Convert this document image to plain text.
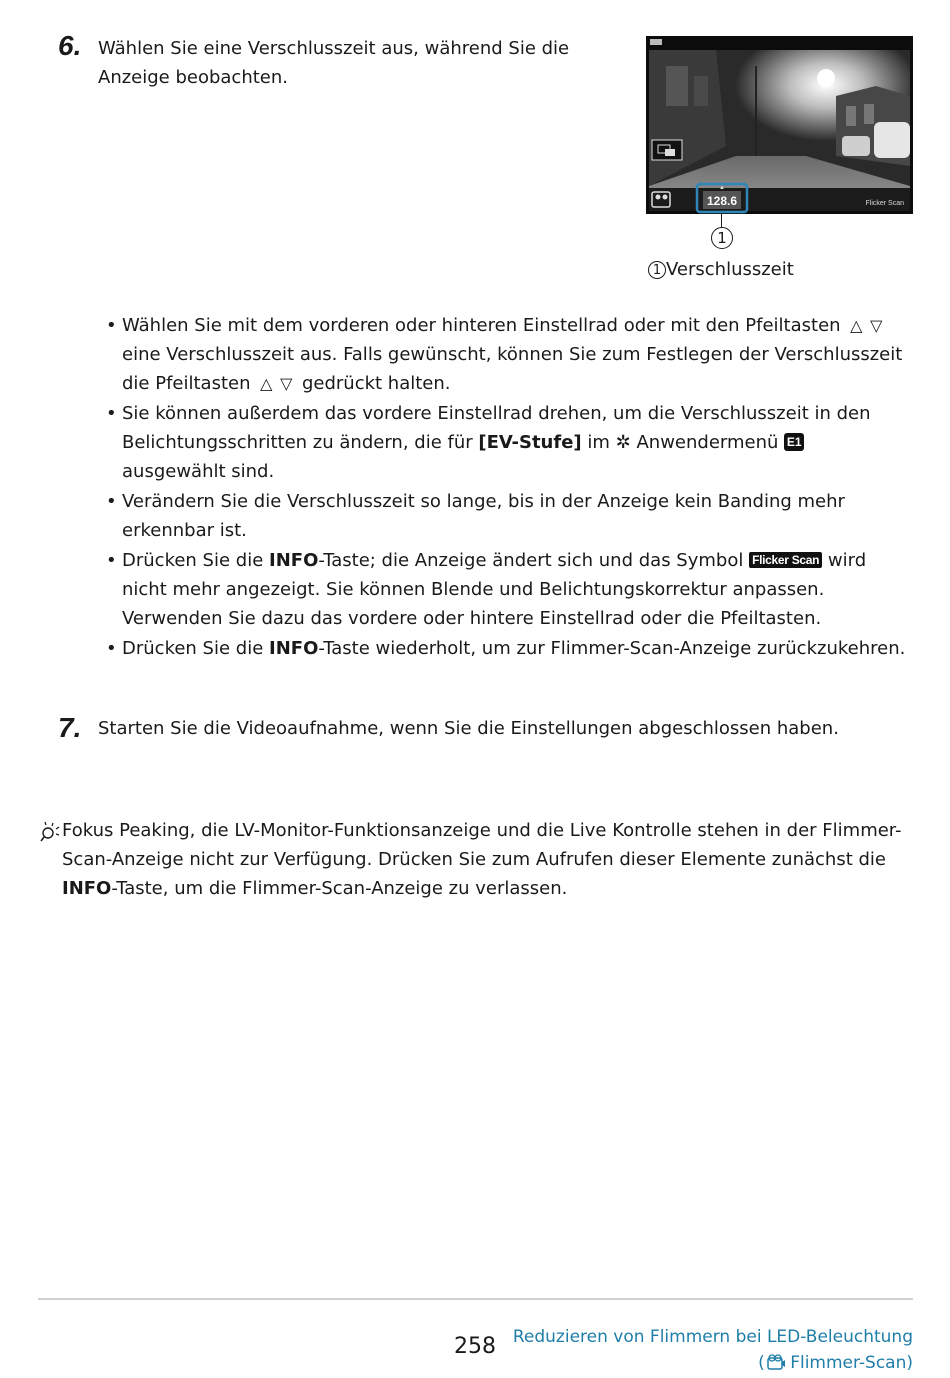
6. Wählen Sie eine Verschlusszeit aus, während Sie die Anzeige beobachten.
▲
128.6	Flicker Scan
1
1 Verschlusszeit
• Wählen Sie mit dem vorderen oder hinteren Einstellrad oder mit den Pfeiltasten △ ▽ eine Verschlusszeit aus. Falls gewünscht, können Sie zum Festlegen der Verschlusszeit die Pfeiltasten △ ▽ gedrückt halten.
• Sie können außerdem das vordere Einstellrad drehen, um die Verschlusszeit in den Belichtungsschritten zu ändern, die für [EV-Stufe] im ✲ Anwendermenü E1 ausgewählt sind.
• Verändern Sie die Verschlusszeit so lange, bis in der Anzeige kein Banding mehr erkennbar ist.
• Drücken Sie die INFO-Taste; die Anzeige ändert sich und das Symbol Flicker Scan wird nicht mehr angezeigt. Sie können Blende und Belichtungskorrektur anpassen. Verwenden Sie dazu das vordere oder hintere Einstellrad oder die Pfeiltasten.
• Drücken Sie die INFO-Taste wiederholt, um zur Flimmer-Scan-Anzeige zurückzukehren.
7. Starten Sie die Videoaufnahme, wenn Sie die Einstellungen abgeschlossen haben.
Fokus Peaking, die LV-Monitor-Funktionsanzeige und die Live Kontrolle stehen in der Flimmer-Scan-Anzeige nicht zur Verfügung. Drücken Sie zum Aufrufen dieser Elemente zunächst die INFO-Taste, um die Flimmer-Scan-Anzeige zu verlassen.
258 Reduzieren von Flimmern bei LED-Beleuchtung
( Flimmer-Scan)
